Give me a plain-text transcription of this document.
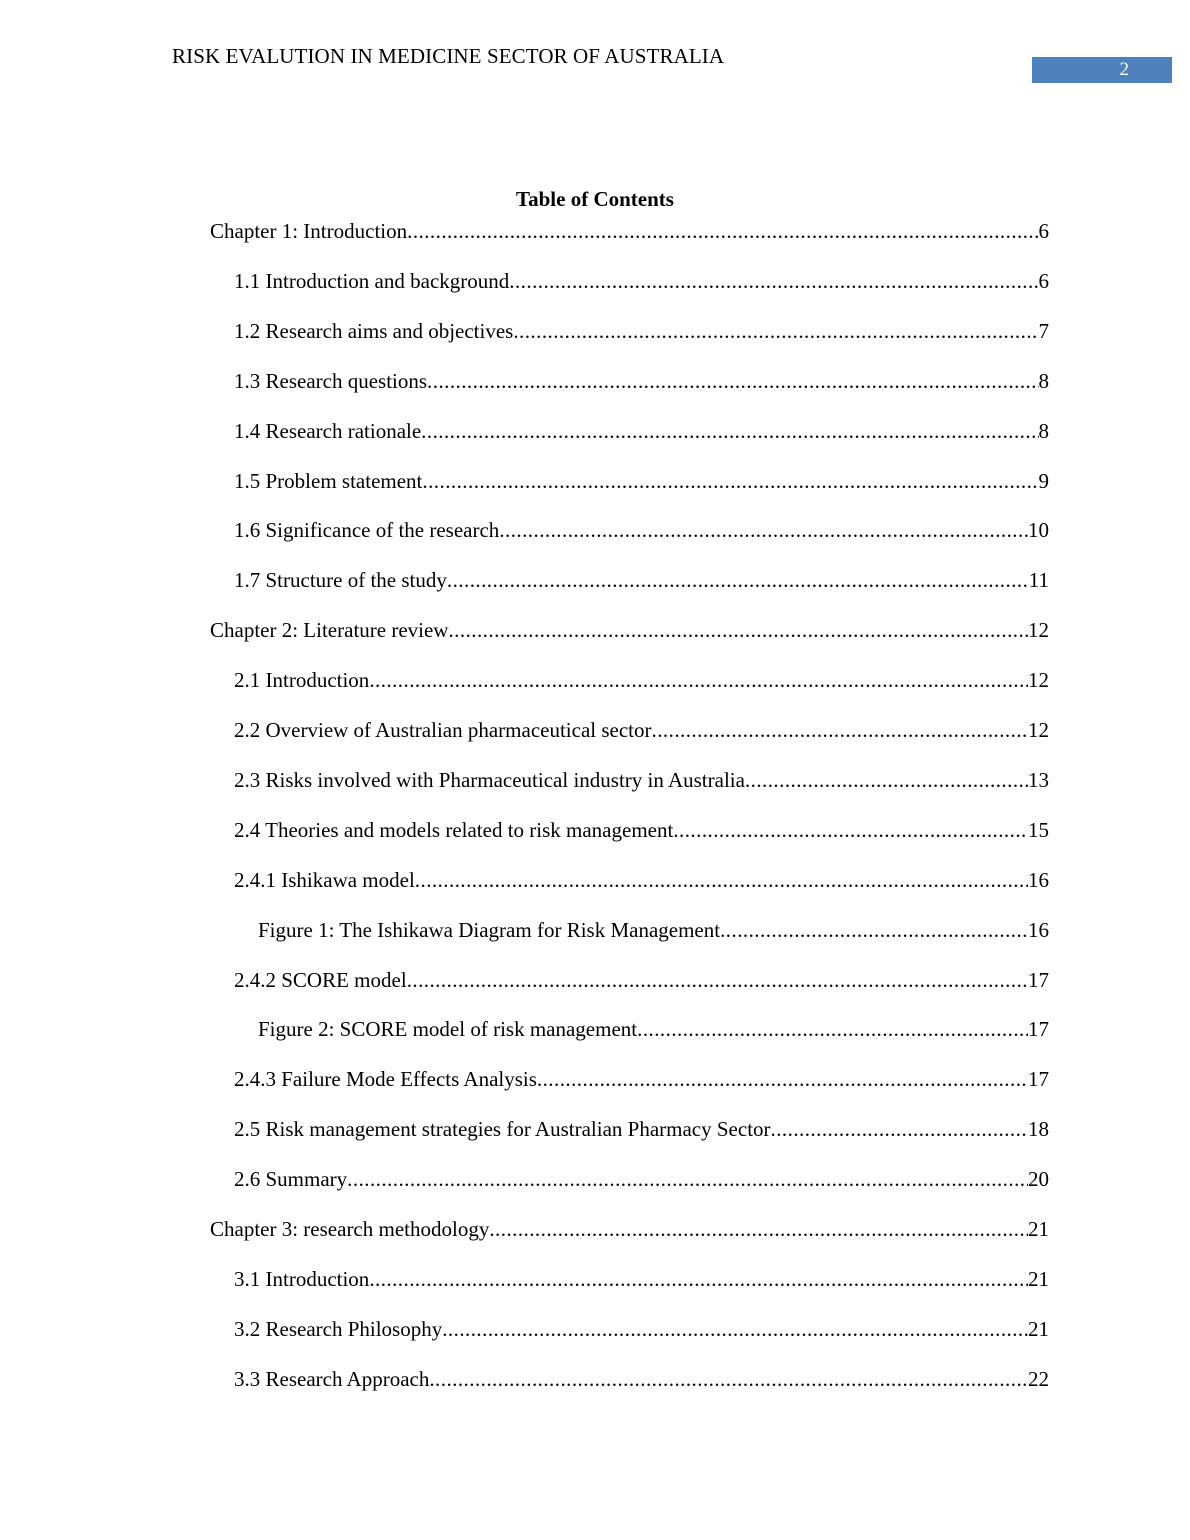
RISK EVALUTION IN MEDICINE SECTOR OF AUSTRALIA
2
Table of Contents
Chapter 1: Introduction .....	6
1.1 Introduction and background .....	6
1.2 Research aims and objectives .....	7
1.3 Research questions .....	8
1.4 Research rationale .....	8
1.5 Problem statement .....	9
1.6 Significance of the research .....	10
1.7 Structure of the study .....	11
Chapter 2: Literature review .....	12
2.1 Introduction .....	12
2.2 Overview of Australian pharmaceutical sector .....	12
2.3 Risks involved with Pharmaceutical industry in Australia .....	13
2.4 Theories and models related to risk management .....	15
2.4.1 Ishikawa model .....	16
Figure 1: The Ishikawa Diagram for Risk Management .....	16
2.4.2 SCORE model .....	17
Figure 2: SCORE model of risk management .....	17
2.4.3 Failure Mode Effects Analysis .....	17
2.5 Risk management strategies for Australian Pharmacy Sector .....	18
2.6 Summary .....	20
Chapter 3: research methodology .....	21
3.1 Introduction .....	21
3.2 Research Philosophy .....	21
3.3 Research Approach .....	22
